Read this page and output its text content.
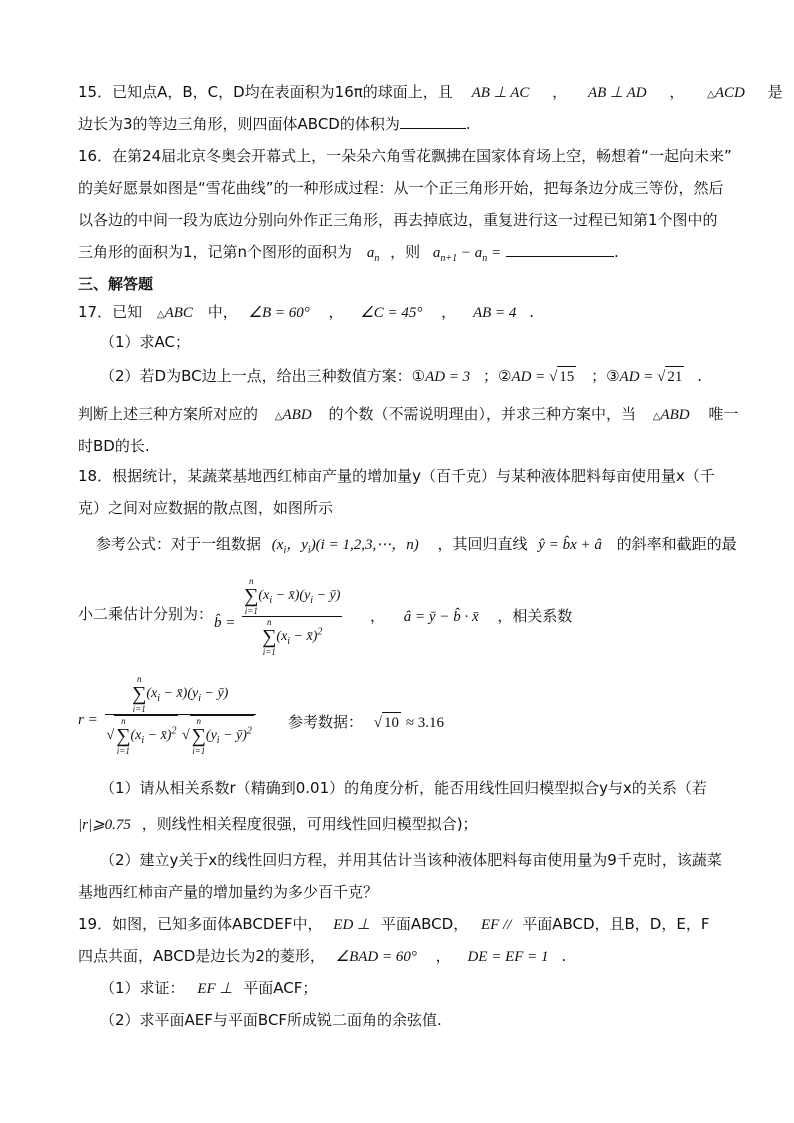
15．已知点A，B，C，D均在表面积为16π的球面上，且 AB ⊥ AC ， AB ⊥ AD ， △ACD 是
边长为3的等边三角形，则四面体ABCD的体积为	.
16．在第24届北京冬奥会开幕式上，一朵朵六角雪花飘拂在国家体育场上空，畅想着“一起向未来”
的美好愿景如图是“雪花曲线”的一种形成过程：从一个正三角形开始，把每条边分成三等份，然后
以各边的中间一段为底边分别向外作正三角形，再去掉底边，重复进行这一过程已知第1个图中的
三角形的面积为1，记第n个图形的面积为 $a_n$ ，则 $a_{n+1} - a_n$ =	.
三、解答题
17．已知 △ABC 中， ∠B = 60° ， ∠C = 45° ， AB = 4 .
（1）求AC；
（2）若D为BC边上一点，给出三种数值方案：①AD = 3 ；②AD = √ 15 ；③AD = √ 21 .
判断上述三种方案所对应的 △ABD 的个数（不需说明理由），并求三种方案中，当 △ABD 唯一
时BD的长.
18．根据统计，某蔬菜基地西红柿亩产量的增加量y（百千克）与某种液体肥料每亩使用量x（千
克）之间对应数据的散点图，如图所示
参考公式：对于一组数据 ($x_i$，$y_i)(i$ = 1,2,3,⋯，n) ，其回归直线 ŷ = b̂x + â 的斜率和截距的最
小二乘估计分别为： b̂ = n
∑
i=1
($x_i$ − $x̄)(y_i$ − ȳ)
n
∑
i=1
($x_i$ − x̄)$^2$ ， â = ȳ − b̂ · x̄ ，相关系数
r = n
∑
i=1
($x_i$ − $x̄)(y_i$ − ȳ)
√
n
∑
i=1
($x_i$ − x̄)$^2$ √
n
∑
i=1
($y_i$ − ȳ)$^2$ 参考数据： √ 10 ≈ 3.16
（1）请从相关系数r（精确到0.01）的角度分析，能否用线性回归模型拟合y与x的关系（若
|r|⩾0.75 ，则线性相关程度很强，可用线性回归模型拟合)；
（2）建立y关于x的线性回归方程，并用其估计当该种液体肥料每亩使用量为9千克时，该蔬菜
基地西红柿亩产量的增加量约为多少百千克？
19．如图，已知多面体ABCDEF中， ED ⊥ 平面ABCD， EF // 平面ABCD，且B，D，E，F
四点共面，ABCD是边长为2的菱形， ∠BAD = 60° ， DE = EF = 1 .
（1）求证： EF ⊥ 平面ACF；
（2）求平面AEF与平面BCF所成锐二面角的余弦值.
